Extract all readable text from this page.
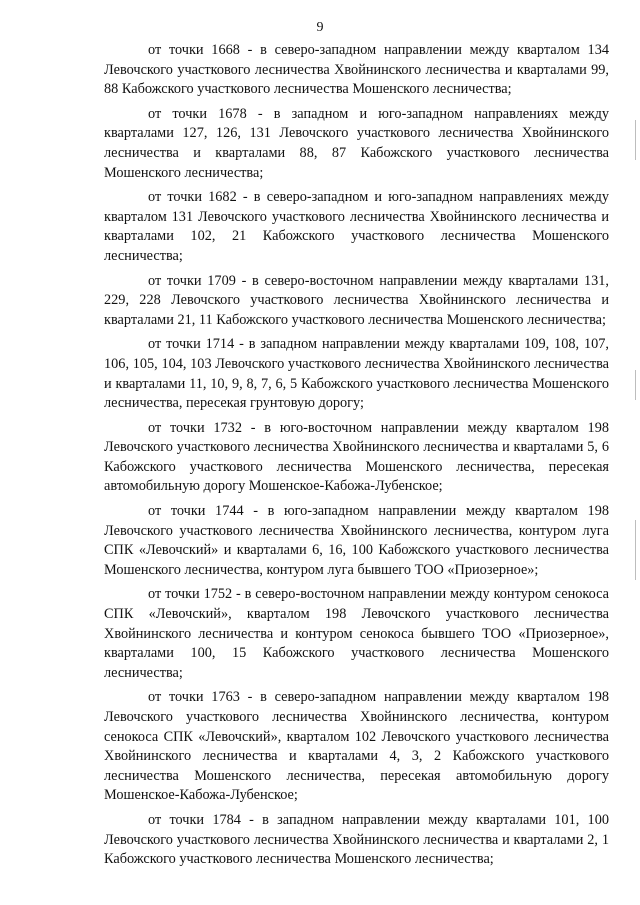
9

от точки 1668 - в северо-западном направлении между кварталом 134 Левочского участкового лесничества Хвойнинского лесничества и кварталами 99, 88 Кабожского участкового лесничества Мошенского лесничества;

от точки 1678 - в западном и юго-западном направлениях между кварталами 127, 126, 131 Левочского участкового лесничества Хвойнинского лесничества и кварталами 88, 87 Кабожского участкового лесничества Мошенского лесничества;

от точки 1682 - в северо-западном и юго-западном направлениях между кварталом 131 Левочского участкового лесничества Хвойнинского лесничества и кварталами 102, 21 Кабожского участкового лесничества Мошенского лесничества;

от точки 1709 - в северо-восточном направлении между кварталами 131, 229, 228 Левочского участкового лесничества Хвойнинского лесничества и кварталами 21, 11 Кабожского участкового лесничества Мошенского лесничества;

от точки 1714 - в западном направлении между кварталами 109, 108, 107, 106, 105, 104, 103 Левочского участкового лесничества Хвойнинского лесничества и кварталами 11, 10, 9, 8, 7, 6, 5 Кабожского участкового лесничества Мошенского лесничества, пересекая грунтовую дорогу;

от точки 1732 - в юго-восточном направлении между кварталом 198 Левочского участкового лесничества Хвойнинского лесничества и кварталами 5, 6 Кабожского участкового лесничества Мошенского лесничества, пересекая автомобильную дорогу Мошенское-Кабожа-Лубенское;

от точки 1744 - в юго-западном направлении между кварталом 198 Левочского участкового лесничества Хвойнинского лесничества, контуром луга СПК «Левочский» и кварталами 6, 16, 100 Кабожского участкового лесничества Мошенского лесничества, контуром луга бывшего ТОО «Приозерное»;

от точки 1752 - в северо-восточном направлении между контуром сенокоса СПК «Левочский», кварталом 198 Левочского участкового лесничества Хвойнинского лесничества и контуром сенокоса бывшего ТОО «Приозерное», кварталами 100, 15 Кабожского участкового лесничества Мошенского лесничества;

от точки 1763 - в северо-западном направлении между кварталом 198 Левочского участкового лесничества Хвойнинского лесничества, контуром сенокоса СПК «Левочский», кварталом 102 Левочского участкового лесничества Хвойнинского лесничества и кварталами 4, 3, 2 Кабожского участкового лесничества Мошенского лесничества, пересекая автомобильную дорогу Мошенское-Кабожа-Лубенское;

от точки 1784 - в западном направлении между кварталами 101, 100 Левочского участкового лесничества Хвойнинского лесничества и кварталами 2, 1 Кабожского участкового лесничества Мошенского лесничества;
